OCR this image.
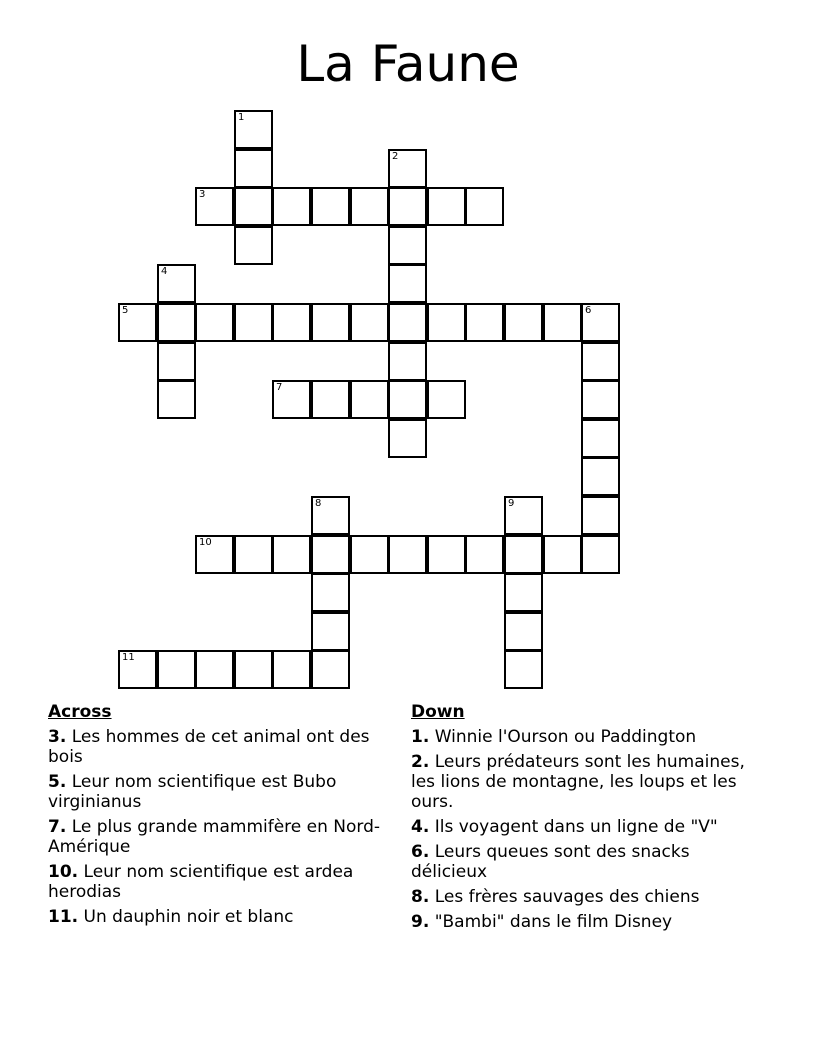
La Faune
1
2
3
4
5	6
7
8	9
10
11
Across
3. Les hommes de cet animal ont des bois
5. Leur nom scientifique est Bubo virginianus
7. Le plus grande mammifère en Nord-Amérique
10. Leur nom scientifique est ardea herodias
11. Un dauphin noir et blanc
Down
1. Winnie l'Ourson ou Paddington
2. Leurs prédateurs sont les humaines, les lions de montagne, les loups et les ours.
4. Ils voyagent dans un ligne de "V"
6. Leurs queues sont des snacks délicieux
8. Les frères sauvages des chiens
9. "Bambi" dans le film Disney
